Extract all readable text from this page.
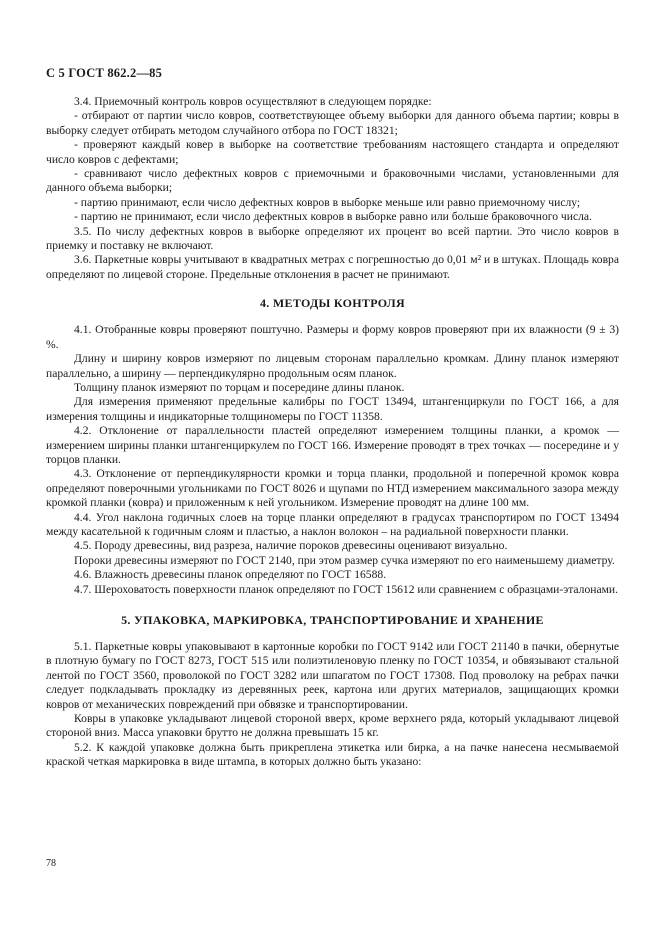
С 5 ГОСТ 862.2—85

3.4. Приемочный контроль ковров осуществляют в следующем порядке:

- отбирают от партии число ковров, соответствующее объему выборки для данного объема партии; ковры в выборку следует отбирать методом случайного отбора по ГОСТ 18321;

- проверяют каждый ковер в выборке на соответствие требованиям настоящего стандарта и определяют число ковров с дефектами;

- сравнивают число дефектных ковров с приемочными и браковочными числами, установленными для данного объема выборки;

- партию принимают, если число дефектных ковров в выборке меньше или равно приемочному числу;

- партию не принимают, если число дефектных ковров в выборке равно или больше браковочного числа.

3.5. По числу дефектных ковров в выборке определяют их процент во всей партии. Это число ковров в приемку и поставку не включают.

3.6. Паркетные ковры учитывают в квадратных метрах с погрешностью до 0,01 м² и в штуках. Площадь ковра определяют по лицевой стороне. Предельные отклонения в расчет не принимают.

4. МЕТОДЫ КОНТРОЛЯ

4.1. Отобранные ковры проверяют поштучно. Размеры и форму ковров проверяют при их влажности (9 ± 3) %.

Длину и ширину ковров измеряют по лицевым сторонам параллельно кромкам. Длину планок измеряют параллельно, а ширину — перпендикулярно продольным осям планок.

Толщину планок измеряют по торцам и посередине длины планок.

Для измерения применяют предельные калибры по ГОСТ 13494, штангенциркули по ГОСТ 166, а для измерения толщины и индикаторные толщиномеры по ГОСТ 11358.

4.2. Отклонение от параллельности пластей определяют измерением толщины планки, а кромок — измерением ширины планки штангенциркулем по ГОСТ 166. Измерение проводят в трех точках — посередине и у торцов планки.

4.3. Отклонение от перпендикулярности кромки и торца планки, продольной и поперечной кромок ковра определяют поверочными угольниками по ГОСТ 8026 и щупами по НТД измерением максимального зазора между кромкой планки (ковра) и приложенным к ней угольником. Измерение проводят на длине 100 мм.

4.4. Угол наклона годичных слоев на торце планки определяют в градусах транспортиром по ГОСТ 13494 между касательной к годичным слоям и пластью, а наклон волокон – на радиальной поверхности планки.

4.5. Породу древесины, вид разреза, наличие пороков древесины оценивают визуально.

Пороки древесины измеряют по ГОСТ 2140, при этом размер сучка измеряют по его наименьшему диаметру.

4.6. Влажность древесины планок определяют по ГОСТ 16588.

4.7. Шероховатость поверхности планок определяют по ГОСТ 15612 или сравнением с образцами-эталонами.

5. УПАКОВКА, МАРКИРОВКА, ТРАНСПОРТИРОВАНИЕ И ХРАНЕНИЕ

5.1. Паркетные ковры упаковывают в картонные коробки по ГОСТ 9142 или ГОСТ 21140 в пачки, обернутые в плотную бумагу по ГОСТ 8273, ГОСТ 515 или полиэтиленовую пленку по ГОСТ 10354, и обвязывают стальной лентой по ГОСТ 3560, проволокой по ГОСТ 3282 или шпагатом по ГОСТ 17308. Под проволоку на ребрах пачки следует подкладывать прокладку из деревянных реек, картона или других материалов, защищающих кромки ковров от механических повреждений при обвязке и транспортировании.

Ковры в упаковке укладывают лицевой стороной вверх, кроме верхнего ряда, который укладывают лицевой стороной вниз. Масса упаковки брутто не должна превышать 15 кг.

5.2. К каждой упаковке должна быть прикреплена этикетка или бирка, а на пачке нанесена несмываемой краской четкая маркировка в виде штампа, в которых должно быть указано:

78
